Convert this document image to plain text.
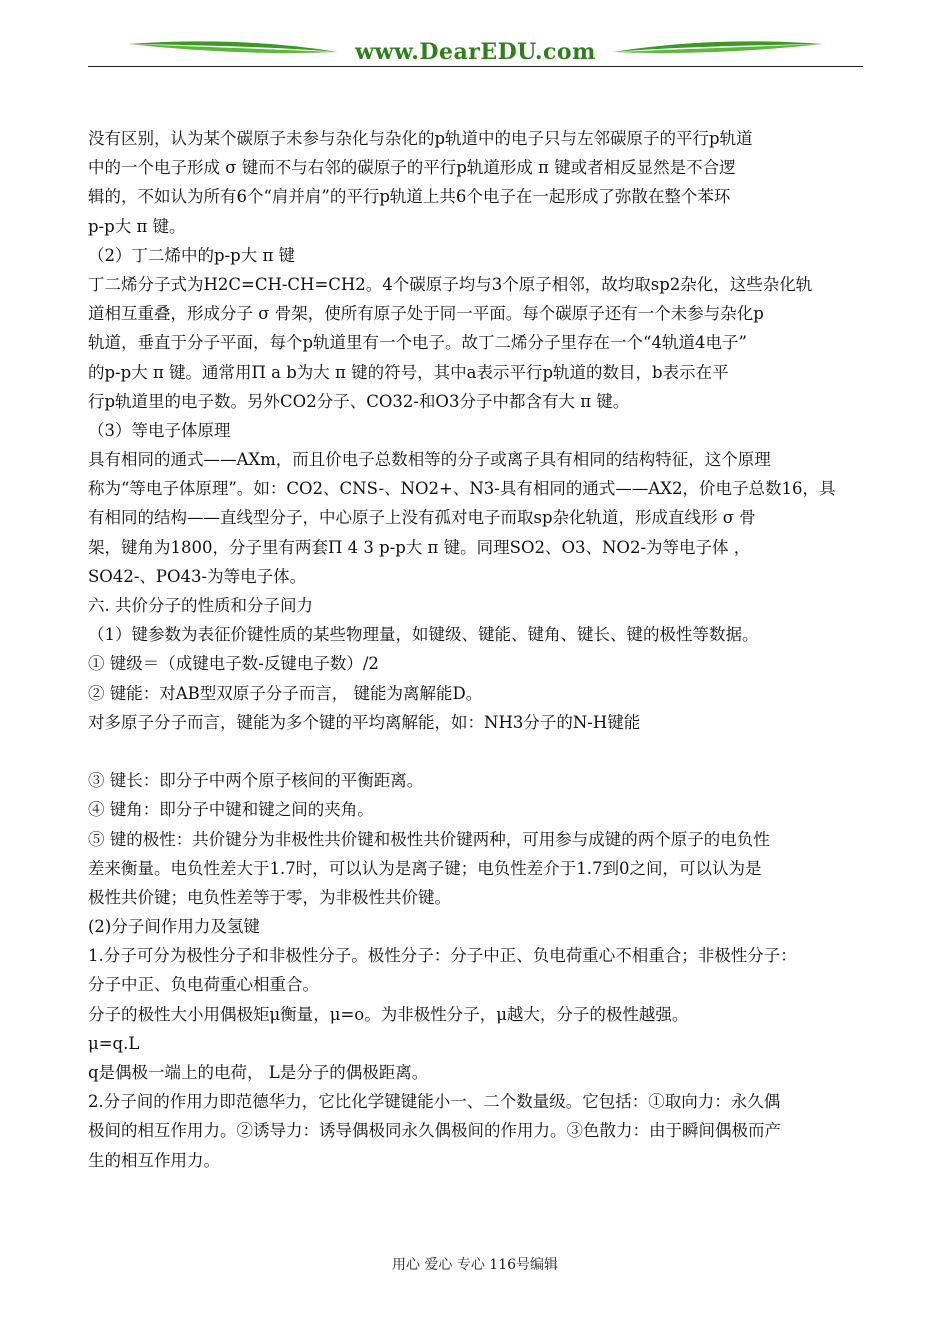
www.DearEDU.com
没有区别，认为某个碳原子未参与杂化与杂化的p轨道中的电子只与左邻碳原子的平行p轨道
中的一个电子形成 σ 键而不与右邻的碳原子的平行p轨道形成 π 键或者相反显然是不合逻
辑的，不如认为所有6个“肩并肩”的平行p轨道上共6个电子在一起形成了弥散在整个苯环
p-p大 π 键。
（2）丁二烯中的p-p大 π 键
丁二烯分子式为H2C=CH-CH=CH2。4个碳原子均与3个原子相邻，故均取sp2杂化，这些杂化轨
道相互重叠，形成分子 σ 骨架，使所有原子处于同一平面。每个碳原子还有一个未参与杂化p
轨道，垂直于分子平面，每个p轨道里有一个电子。故丁二烯分子里存在一个“4轨道4电子”
的p-p大 π 键。通常用Π a b为大 π 键的符号，其中a表示平行p轨道的数目，b表示在平
行p轨道里的电子数。另外CO2分子、CO32-和O3分子中都含有大 π 键。
（3）等电子体原理
具有相同的通式——AXm，而且价电子总数相等的分子或离子具有相同的结构特征，这个原理
称为“等电子体原理”。如：CO2、CNS-、NO2+、N3-具有相同的通式——AX2，价电子总数16，具
有相同的结构——直线型分子，中心原子上没有孤对电子而取sp杂化轨道，形成直线形 σ 骨
架，键角为1800，分子里有两套Π 4 3 p-p大 π 键。同理SO2、O3、NO2-为等电子体 ，
SO42-、PO43-为等电子体。
六. 共价分子的性质和分子间力
（1）键参数为表征价键性质的某些物理量，如键级、键能、键角、键长、键的极性等数据。
① 键级＝（成键电子数-反键电子数）/2
② 键能：对AB型双原子分子而言， 键能为离解能D。
对多原子分子而言，键能为多个键的平均离解能，如：NH3分子的N-H键能
③ 键长：即分子中两个原子核间的平衡距离。
④ 键角：即分子中键和键之间的夹角。
⑤ 键的极性：共价键分为非极性共价键和极性共价键两种，可用参与成键的两个原子的电负性
差来衡量。电负性差大于1.7时，可以认为是离子键；电负性差介于1.7到0之间，可以认为是
极性共价键；电负性差等于零，为非极性共价键。
(2)分子间作用力及氢键
1.分子可分为极性分子和非极性分子。极性分子：分子中正、负电荷重心不相重合；非极性分子：
分子中正、负电荷重心相重合。
分子的极性大小用偶极矩μ衡量，μ=o。为非极性分子，μ越大，分子的极性越强。
μ=q.L
q是偶极一端上的电荷， L是分子的偶极距离。
2.分子间的作用力即范德华力，它比化学键键能小一、二个数量级。它包括：①取向力：永久偶
极间的相互作用力。②诱导力：诱导偶极同永久偶极间的作用力。③色散力：由于瞬间偶极而产
生的相互作用力。
用心 爱心 专心 116号编辑
